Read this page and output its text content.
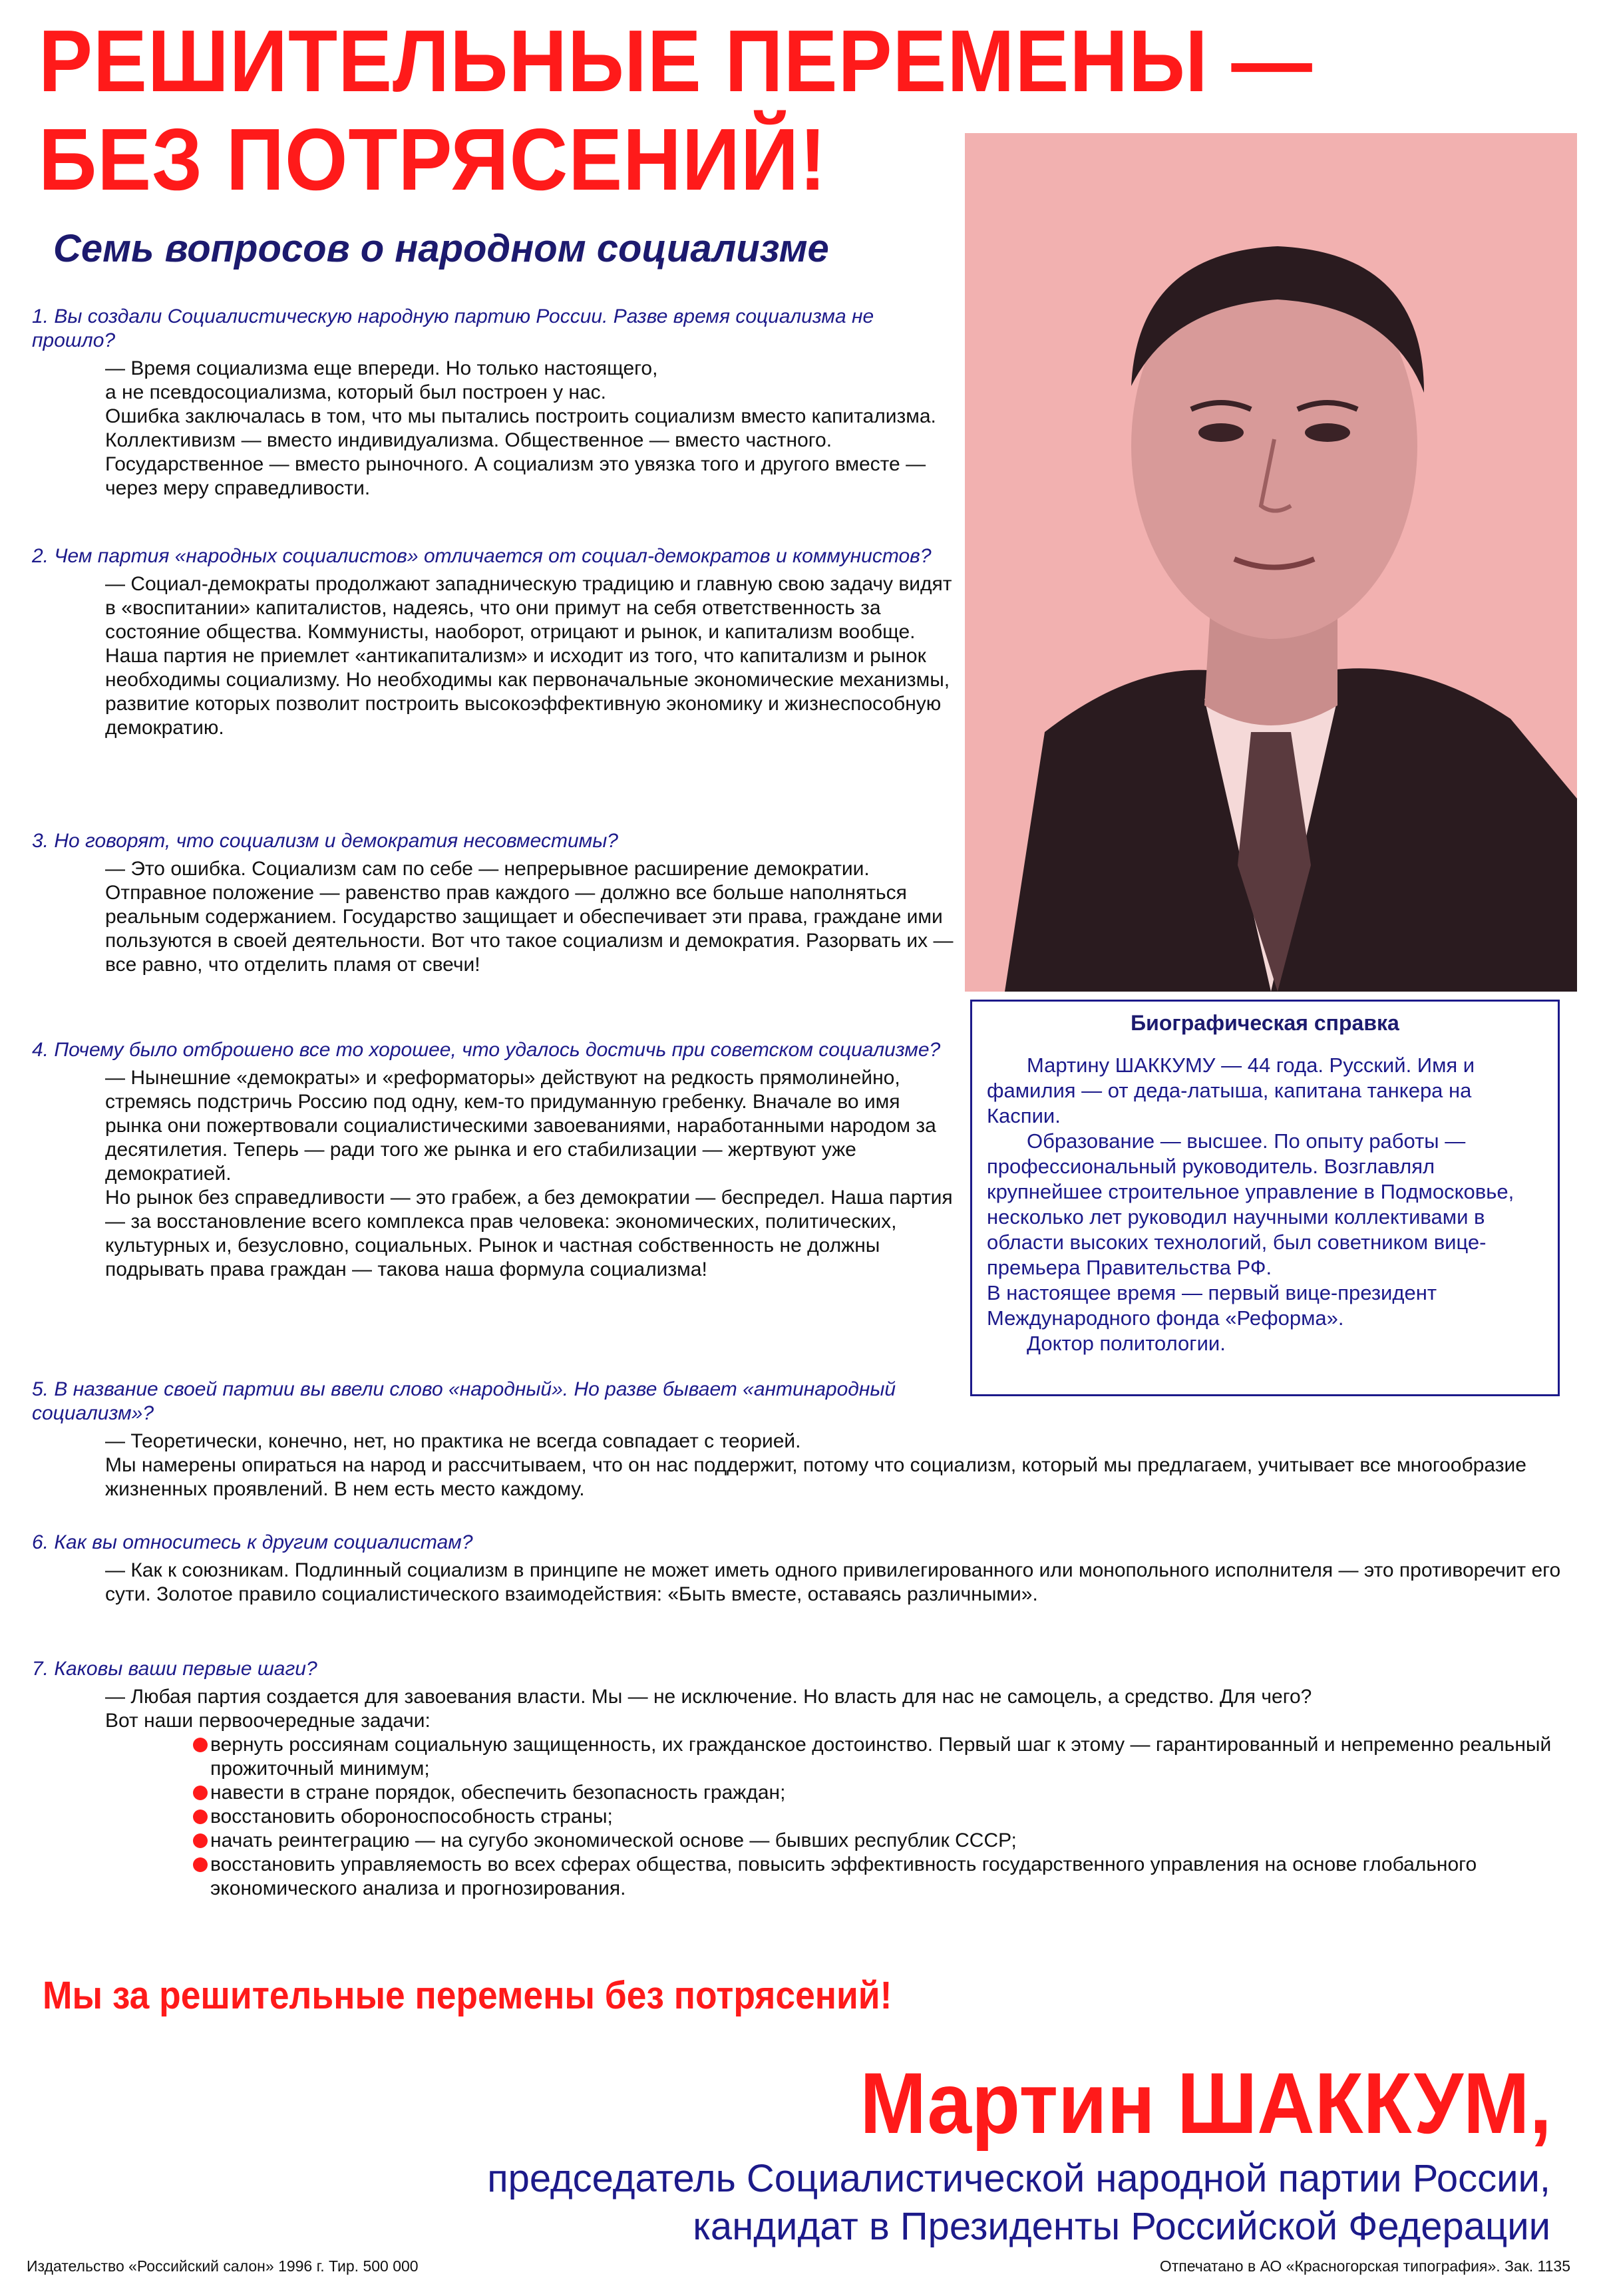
РЕШИТЕЛЬНЫЕ ПЕРЕМЕНЫ —
БЕЗ ПОТРЯСЕНИЙ!
Семь вопросов о народном социализме

1. Вы создали Социалистическую народную партию России. Разве время социализма не прошло?

— Время социализма еще впереди. Но только настоящего,

а не псевдосоциализма, который был построен у нас.

Ошибка заключалась в том, что мы пытались построить социализм вместо капитализма. Коллективизм — вместо индивидуализма. Общественное — вместо частного. Государственное — вместо рыночного. А социализм это увязка того и другого вместе — через меру справедливости.

2. Чем партия «народных социалистов» отличается от социал-демократов и коммунистов?

— Социал-демократы продолжают западническую традицию и главную свою задачу видят в «воспитании» капиталистов, надеясь, что они примут на себя ответственность за состояние общества. Коммунисты, наоборот, отрицают и рынок, и капитализм вообще.

Наша партия не приемлет «антикапитализм» и исходит из того, что капитализм и рынок необходимы социализму. Но необходимы как первоначальные экономические механизмы, развитие которых позволит построить высокоэффективную экономику и жизнеспособную демократию.

3. Но говорят, что социализм и демократия несовместимы?

— Это ошибка. Социализм сам по себе — непрерывное расширение демократии. Отправное положение — равенство прав каждого — должно все больше наполняться реальным содержанием. Государство защищает и обеспечивает эти права, граждане ими пользуются в своей деятельности. Вот что такое социализм и демократия. Разорвать их — все равно, что отделить пламя от свечи!

4. Почему было отброшено все то хорошее, что удалось достичь при советском социализме?

— Нынешние «демократы» и «реформаторы» действуют на редкость прямолинейно, стремясь подстричь Россию под одну, кем-то придуманную гребенку. Вначале во имя рынка они пожертвовали социалистическими завоеваниями, наработанными народом за десятилетия. Теперь — ради того же рынка и его стабилизации — жертвуют уже демократией.

Но рынок без справедливости — это грабеж, а без демократии — беспредел. Наша партия — за восстановление всего комплекса прав человека: экономических, политических, культурных и, безусловно, социальных. Рынок и частная собственность не должны подрывать права граждан — такова наша формула социализма!

5. В название своей партии вы ввели слово «народный». Но разве бывает «антинародный социализм»?

— Теоретически, конечно, нет, но практика не всегда совпадает с теорией.

Мы намерены опираться на народ и рассчитываем, что он нас поддержит, потому что социализм, который мы предлагаем, учитывает все многообразие жизненных проявлений. В нем есть место каждому.

6. Как вы относитесь к другим социалистам?

— Как к союзникам. Подлинный социализм в принципе не может иметь одного привилегированного или монопольного исполнителя — это противоречит его сути. Золотое правило социалистического взаимодействия: «Быть вместе, оставаясь различными».

7. Каковы ваши первые шаги?

— Любая партия создается для завоевания власти. Мы — не исключение. Но власть для нас не самоцель, а средство. Для чего?

Вот наши первоочередные задачи:

вернуть россиянам социальную защищенность, их гражданское достоинство. Первый шаг к этому — гарантированный и непременно реальный прожиточный минимум;
навести в стране порядок, обеспечить безопасность граждан;
восстановить обороноспособность страны;
начать реинтеграцию — на сугубо экономической основе — бывших республик СССР;
восстановить управляемость во всех сферах общества, повысить эффективность государственного управления на основе глобального экономического анализа и прогнозирования.
Биографическая справка

Мартину ШАККУМУ — 44 года. Русский. Имя и фамилия — от деда-латыша, капитана танкера на Каспии.

Образование — высшее. По опыту работы — профессиональный руководитель. Возглавлял крупнейшее строительное управление в Подмосковье, несколько лет руководил научными коллективами в области высоких технологий, был советником вице-премьера Правительства РФ.

В настоящее время — первый вице-президент Международного фонда «Реформа».

Доктор политологии.

Мы за решительные перемены без потрясений!
Мартин ШАККУМ,
председатель Социалистической народной партии России,
кандидат в Президенты Российской Федерации
Издательство «Российский салон» 1996 г. Тир. 500 000	Отпечатано в АО «Красногорская типография». Зак. 1135
